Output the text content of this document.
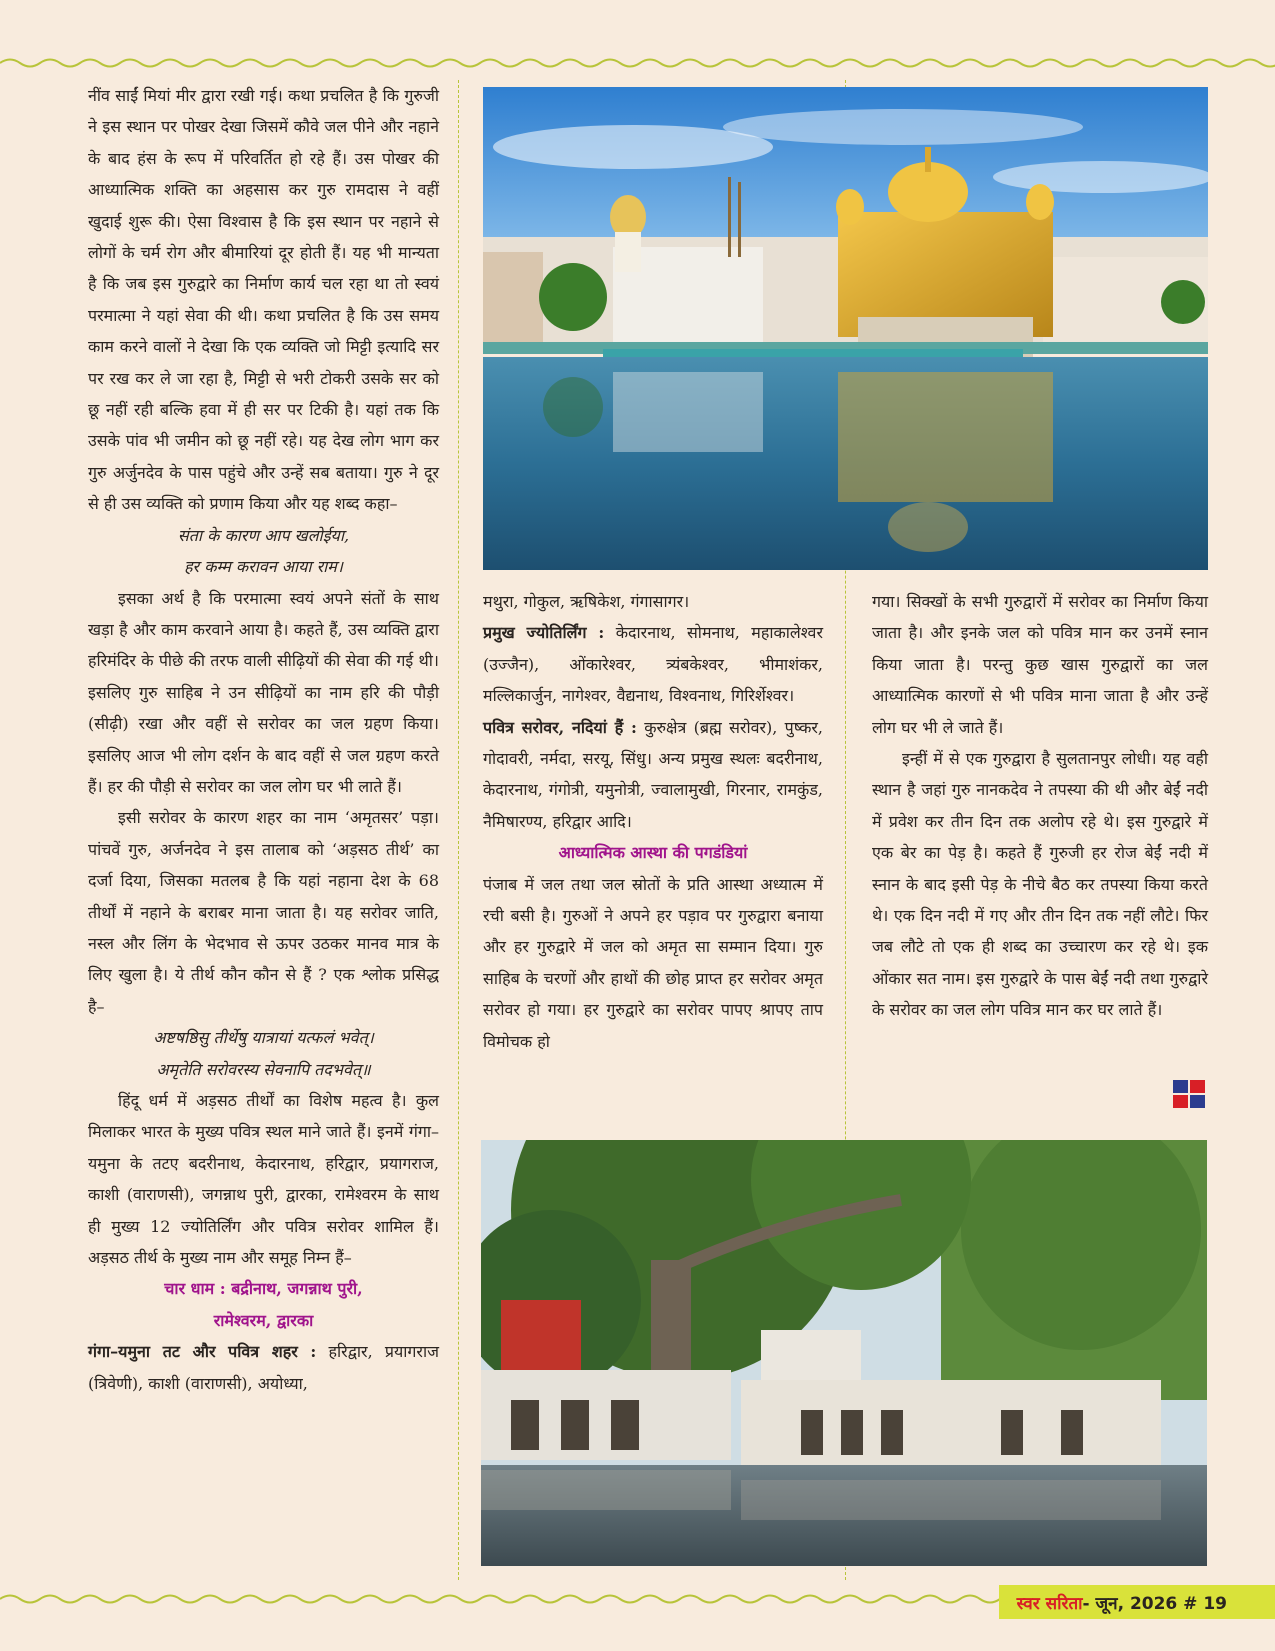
नींव साईं मियां मीर द्वारा रखी गई। कथा प्रचलित है कि गुरुजी ने इस स्थान पर पोखर देखा जिसमें कौवे जल पीने और नहाने के बाद हंस के रूप में परिवर्तित हो रहे हैं। उस पोखर की आध्यात्मिक शक्ति का अहसास कर गुरु रामदास ने वहीं खुदाई शुरू की। ऐसा विश्वास है कि इस स्थान पर नहाने से लोगों के चर्म रोग और बीमारियां दूर होती हैं। यह भी मान्यता है कि जब इस गुरुद्वारे का निर्माण कार्य चल रहा था तो स्वयं परमात्मा ने यहां सेवा की थी। कथा प्रचलित है कि उस समय काम करने वालों ने देखा कि एक व्यक्ति जो मिट्टी इत्यादि सर पर रख कर ले जा रहा है, मिट्टी से भरी टोकरी उसके सर को छू नहीं रही बल्कि हवा में ही सर पर टिकी है। यहां तक कि उसके पांव भी जमीन को छू नहीं रहे। यह देख लोग भाग कर गुरु अर्जुनदेव के पास पहुंचे और उन्हें सब बताया। गुरु ने दूर से ही उस व्यक्ति को प्रणाम किया और यह शब्द कहा–

संता के कारण आप खलोईया,

हर कम्म करावन आया राम।

इसका अर्थ है कि परमात्मा स्वयं अपने संतों के साथ खड़ा है और काम करवाने आया है। कहते हैं, उस व्यक्ति द्वारा हरिमंदिर के पीछे की तरफ वाली सीढ़ियों की सेवा की गई थी। इसलिए गुरु साहिब ने उन सीढ़ियों का नाम हरि की पौड़ी (सीढ़ी) रखा और वहीं से सरोवर का जल ग्रहण किया। इसलिए आज भी लोग दर्शन के बाद वहीं से जल ग्रहण करते हैं। हर की पौड़ी से सरोवर का जल लोग घर भी लाते हैं।

इसी सरोवर के कारण शहर का नाम ‘अमृतसर’ पड़ा। पांचवें गुरु, अर्जनदेव ने इस तालाब को ‘अड़सठ तीर्थ’ का दर्जा दिया, जिसका मतलब है कि यहां नहाना देश के 68 तीर्थों में नहाने के बराबर माना जाता है। यह सरोवर जाति, नस्ल और लिंग के भेदभाव से ऊपर उठकर मानव मात्र के लिए खुला है। ये तीर्थ कौन कौन से हैं ? एक श्लोक प्रसिद्ध है–

अष्टषष्ठिसु तीर्थेषु यात्रायां यत्फलं भवेत्।

अमृतेति सरोवरस्य सेवनापि तदभवेत्॥

हिंदू धर्म में अड़सठ तीर्थों का विशेष महत्व है। कुल मिलाकर भारत के मुख्य पवित्र स्थल माने जाते हैं। इनमें गंगा–यमुना के तटए बदरीनाथ, केदारनाथ, हरिद्वार, प्रयागराज, काशी (वाराणसी), जगन्नाथ पुरी, द्वारका, रामेश्वरम के साथ ही मुख्य 12 ज्योतिर्लिंग और पवित्र सरोवर शामिल हैं। अड़सठ तीर्थ के मुख्य नाम और समूह निम्न हैं–

चार धाम : बद्रीनाथ, जगन्नाथ पुरी,

रामेश्वरम, द्वारका

गंगा–यमुना तट और पवित्र शहर : हरिद्वार, प्रयागराज (त्रिवेणी), काशी (वाराणसी), अयोध्या,

मथुरा, गोकुल, ऋषिकेश, गंगासागर।

प्रमुख ज्योतिर्लिंग : केदारनाथ, सोमनाथ, महाकालेश्वर (उज्जैन), ओंकारेश्वर, त्र्यंबकेश्वर, भीमाशंकर, मल्लिकार्जुन, नागेश्वर, वैद्यनाथ, विश्वनाथ, गिरिर्शेश्वर।

पवित्र सरोवर, नदियां हैं : कुरुक्षेत्र (ब्रह्म सरोवर), पुष्कर, गोदावरी, नर्मदा, सरयू, सिंधु। अन्य प्रमुख स्थलः बदरीनाथ, केदारनाथ, गंगोत्री, यमुनोत्री, ज्वालामुखी, गिरनार, रामकुंड, नैमिषारण्य, हरिद्वार आदि।

आध्यात्मिक आस्था की पगडंडियां

पंजाब में जल तथा जल स्रोतों के प्रति आस्था अध्यात्म में रची बसी है। गुरुओं ने अपने हर पड़ाव पर गुरुद्वारा बनाया और हर गुरुद्वारे में जल को अमृत सा सम्मान दिया। गुरु साहिब के चरणों और हाथों की छोह प्राप्त हर सरोवर अमृत सरोवर हो गया। हर गुरुद्वारे का सरोवर पापए श्रापए ताप विमोचक हो

गया। सिक्खों के सभी गुरुद्वारों में सरोवर का निर्माण किया जाता है। और इनके जल को पवित्र मान कर उनमें स्नान किया जाता है। परन्तु कुछ खास गुरुद्वारों का जल आध्यात्मिक कारणों से भी पवित्र माना जाता है और उन्हें लोग घर भी ले जाते हैं।

इन्हीं में से एक गुरुद्वारा है सुलतानपुर लोधी। यह वही स्थान है जहां गुरु नानकदेव ने तपस्या की थी और बेईं नदी में प्रवेश कर तीन दिन तक अलोप रहे थे। इस गुरुद्वारे में एक बेर का पेड़ है। कहते हैं गुरुजी हर रोज बेईं नदी में स्नान के बाद इसी पेड़ के नीचे बैठ कर तपस्या किया करते थे। एक दिन नदी में गए और तीन दिन तक नहीं लौटे। फिर जब लौटे तो एक ही शब्द का उच्चारण कर रहे थे। इक ओंकार सत नाम। इस गुरुद्वारे के पास बेईं नदी तथा गुरुद्वारे के सरोवर का जल लोग पवित्र मान कर घर लाते हैं।

स्वर सरिता - जून, 2026 # 19
